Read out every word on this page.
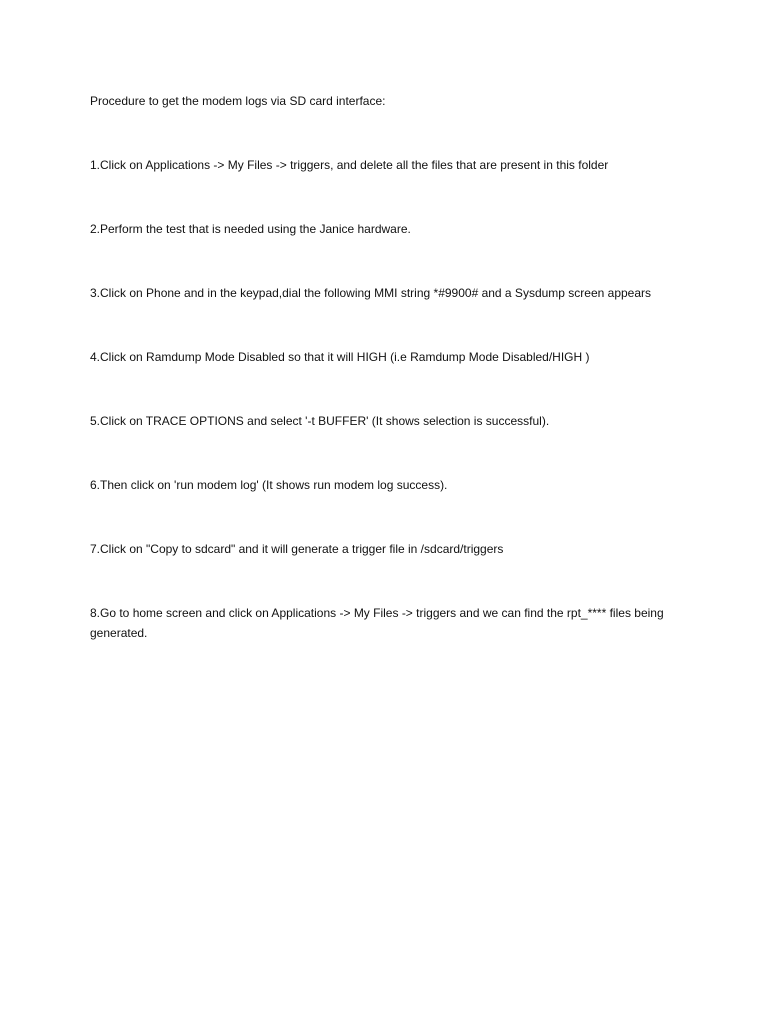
Procedure to get the modem logs via SD card interface:

1.Click on Applications -> My Files -> triggers, and delete all the files that are present in this folder

2.Perform the test that is needed using the Janice hardware.

3.Click on Phone and in the keypad,dial the following MMI string *#9900# and a Sysdump screen appears

4.Click on Ramdump Mode Disabled so that it will HIGH (i.e Ramdump Mode Disabled/HIGH )

5.Click on TRACE OPTIONS and select '-t BUFFER' (It shows selection is successful).

6.Then click on 'run modem log' (It shows run modem log success).

7.Click on "Copy to sdcard" and it will generate a trigger file in /sdcard/triggers

8.Go to home screen and click on Applications -> My Files -> triggers and we can find the rpt_**** files being generated.
